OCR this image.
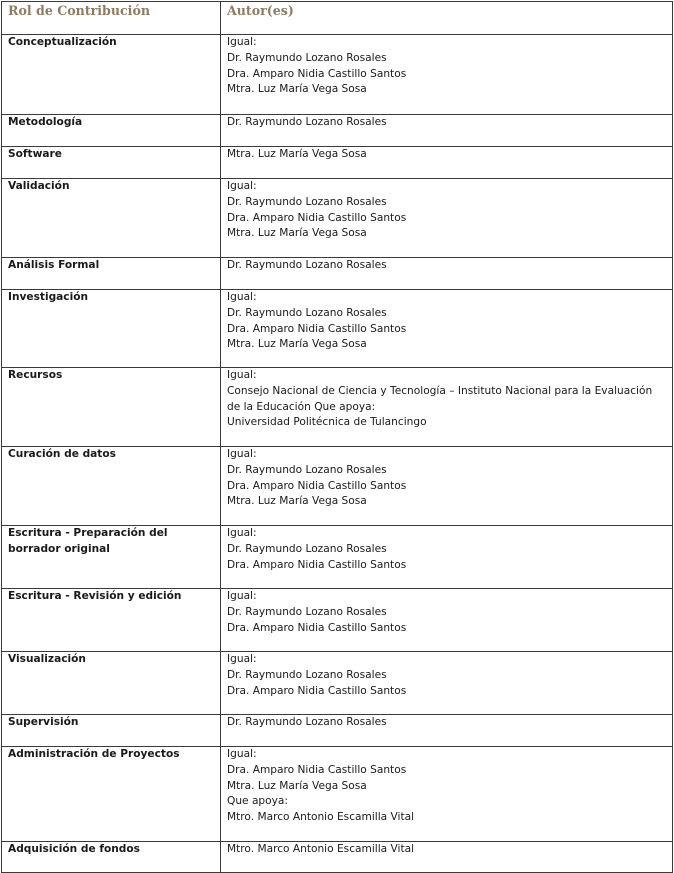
Rol de Contribución	Autor(es)
Conceptualización	Igual:
Dr. Raymundo Lozano Rosales
Dra. Amparo Nidia Castillo Santos
Mtra. Luz María Vega Sosa

Metodología	Dr. Raymundo Lozano Rosales

Software	Mtra. Luz María Vega Sosa

Validación	Igual:
Dr. Raymundo Lozano Rosales
Dra. Amparo Nidia Castillo Santos
Mtra. Luz María Vega Sosa

Análisis Formal	Dr. Raymundo Lozano Rosales

Investigación	Igual:
Dr. Raymundo Lozano Rosales
Dra. Amparo Nidia Castillo Santos
Mtra. Luz María Vega Sosa

Recursos	Igual:
Consejo Nacional de Ciencia y Tecnología – Instituto Nacional para la Evaluación de la Educación Que apoya:
Universidad Politécnica de Tulancingo

Curación de datos	Igual:
Dr. Raymundo Lozano Rosales
Dra. Amparo Nidia Castillo Santos
Mtra. Luz María Vega Sosa

Escritura - Preparación del borrador original	Igual:
Dr. Raymundo Lozano Rosales
Dra. Amparo Nidia Castillo Santos

Escritura - Revisión y edición	Igual:
Dr. Raymundo Lozano Rosales
Dra. Amparo Nidia Castillo Santos

Visualización	Igual:
Dr. Raymundo Lozano Rosales
Dra. Amparo Nidia Castillo Santos

Supervisión	Dr. Raymundo Lozano Rosales

Administración de Proyectos	Igual:
Dra. Amparo Nidia Castillo Santos
Mtra. Luz María Vega Sosa
Que apoya:
Mtro. Marco Antonio Escamilla Vital

Adquisición de fondos	Mtro. Marco Antonio Escamilla Vital
